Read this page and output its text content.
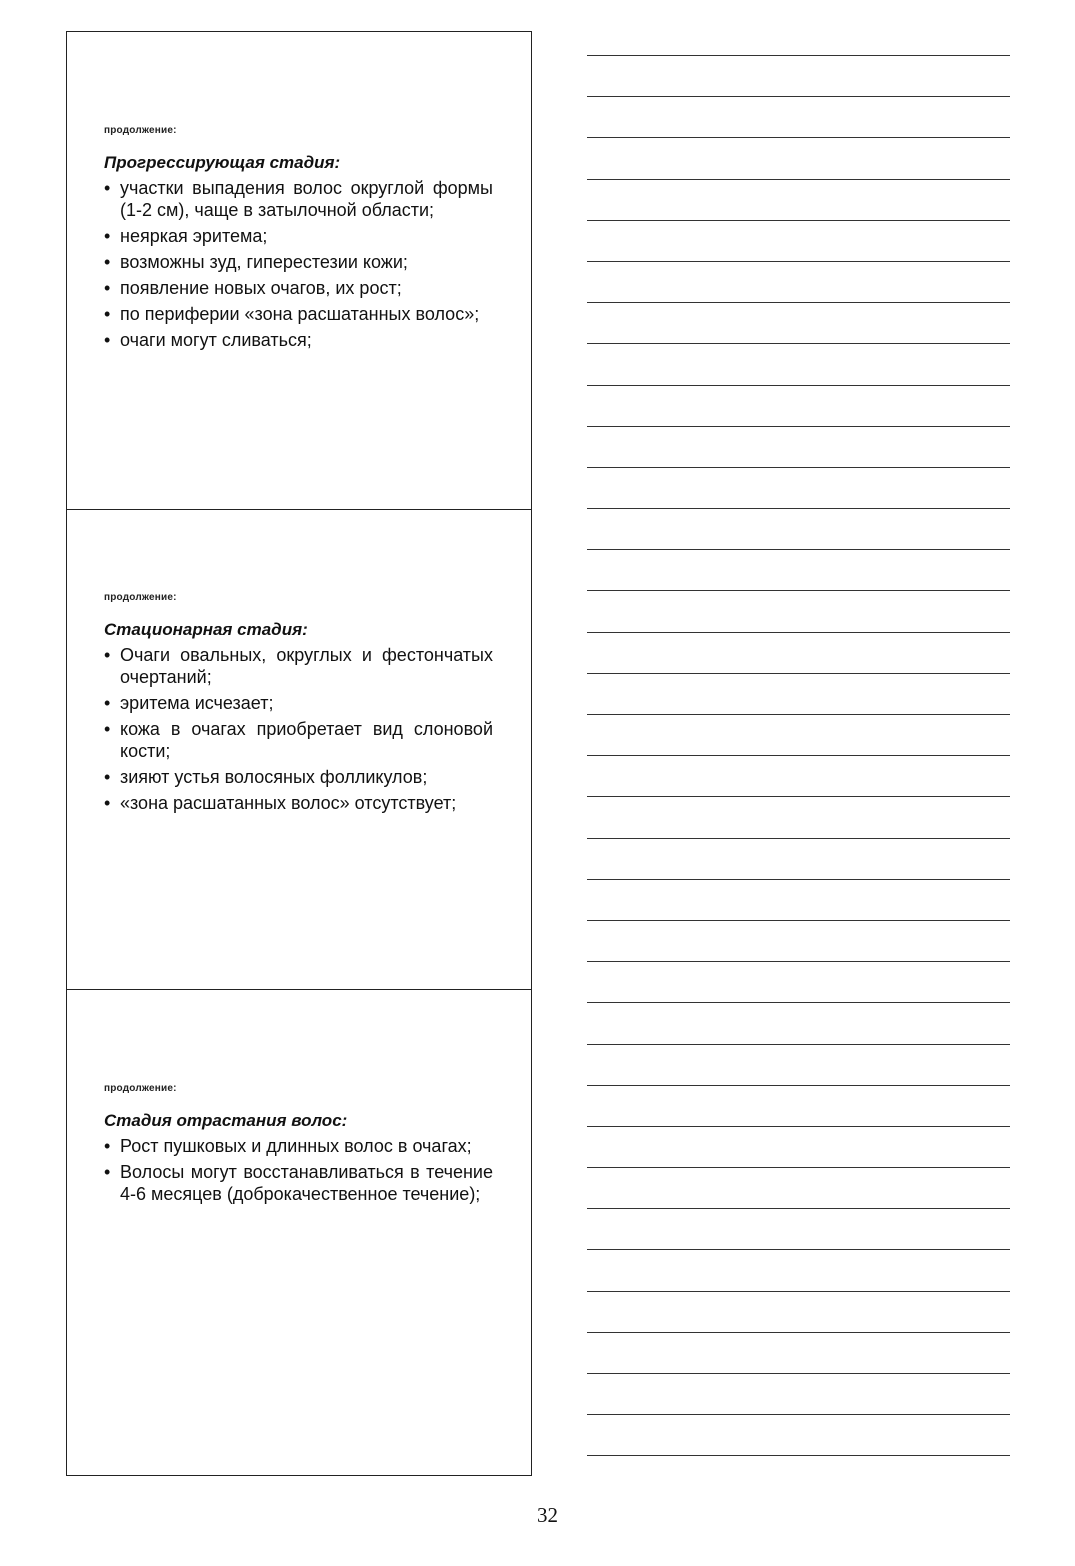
продолжение:
Прогрессирующая стадия:
• участки выпадения волос округлой формы (1-2 см), чаще в затылочной области;
• неяркая эритема;
• возможны зуд, гиперестезии кожи;
• появление новых очагов, их рост;
• по периферии «зона расшатанных волос»;
• очаги могут сливаться;
продолжение:
Стационарная стадия:
• Очаги овальных, округлых и фестончатых очертаний;
• эритема исчезает;
• кожа в очагах приобретает вид слоновой кости;
• зияют устья волосяных фолликулов;
• «зона расшатанных волос» отсутствует;
продолжение:
Стадия отрастания волос:
• Рост пушковых и длинных волос в очагах;
• Волосы могут восстанавливаться в течение 4-6 месяцев (доброкачественное течение);
32
